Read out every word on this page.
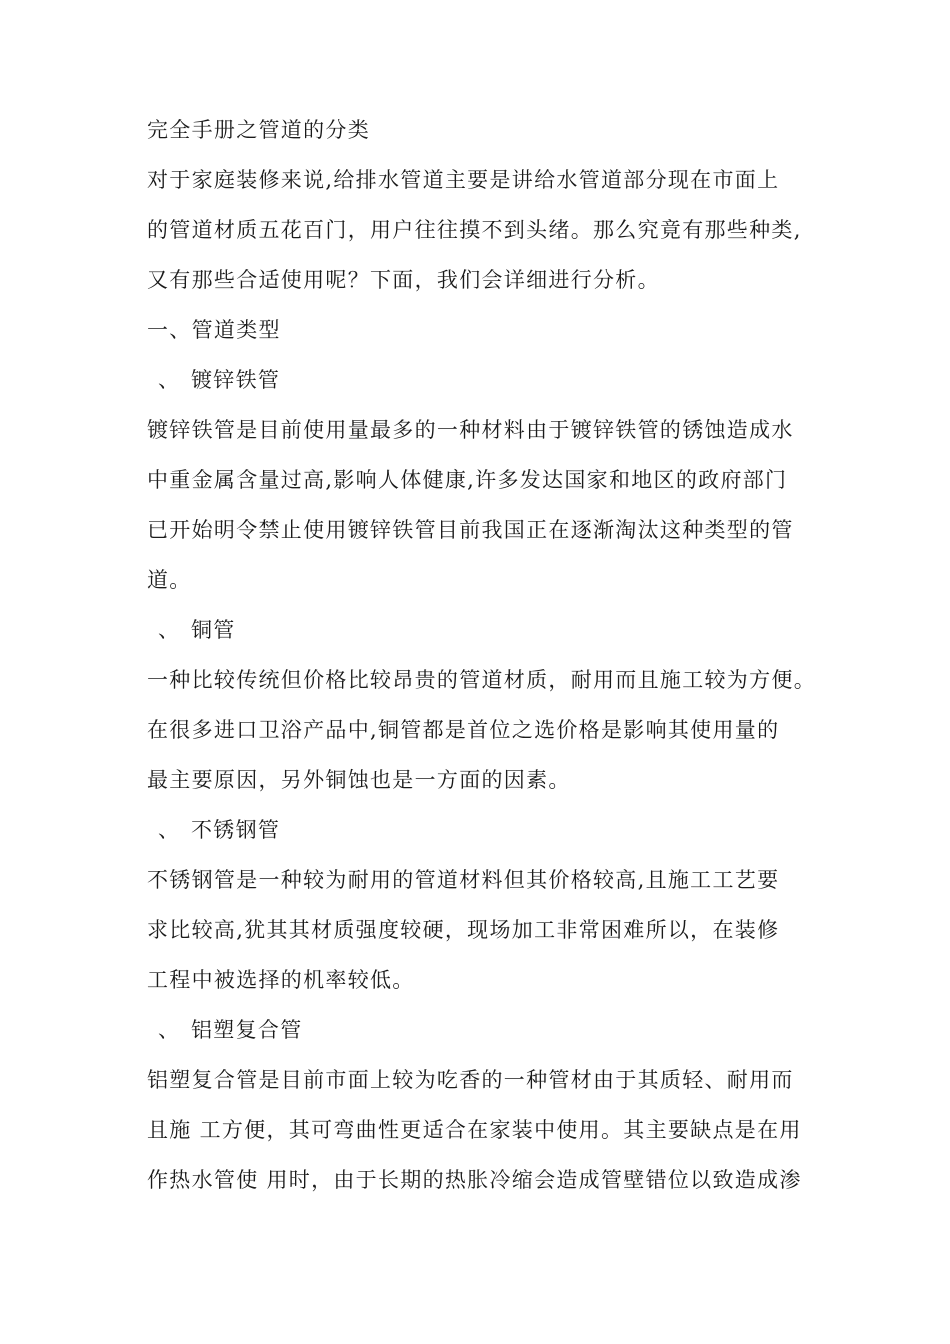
完全手册之管道的分类
对于家庭装修来说,给排水管道主要是讲给水管道部分现在市面上
的管道材质五花百门，用户往往摸不到头绪。那么究竟有那些种类,
又有那些合适使用呢？下面，我们会详细进行分析。
一、管道类型
、 镀锌铁管
镀锌铁管是目前使用量最多的一种材料由于镀锌铁管的锈蚀造成水
中重金属含量过高,影响人体健康,许多发达国家和地区的政府部门
已开始明令禁止使用镀锌铁管目前我国正在逐渐淘汰这种类型的管
道。
、 铜管
一种比较传统但价格比较昂贵的管道材质，耐用而且施工较为方便。
在很多进口卫浴产品中,铜管都是首位之选价格是影响其使用量的
最主要原因，另外铜蚀也是一方面的因素。
、 不锈钢管
不锈钢管是一种较为耐用的管道材料但其价格较高,且施工工艺要
求比较高,犹其其材质强度较硬，现场加工非常困难所以，在装修
工程中被选择的机率较低。
、 铝塑复合管
铝塑复合管是目前市面上较为吃香的一种管材由于其质轻、耐用而
且施 工方便，其可弯曲性更适合在家装中使用。其主要缺点是在用
作热水管使 用时，由于长期的热胀冷缩会造成管壁错位以致造成渗
